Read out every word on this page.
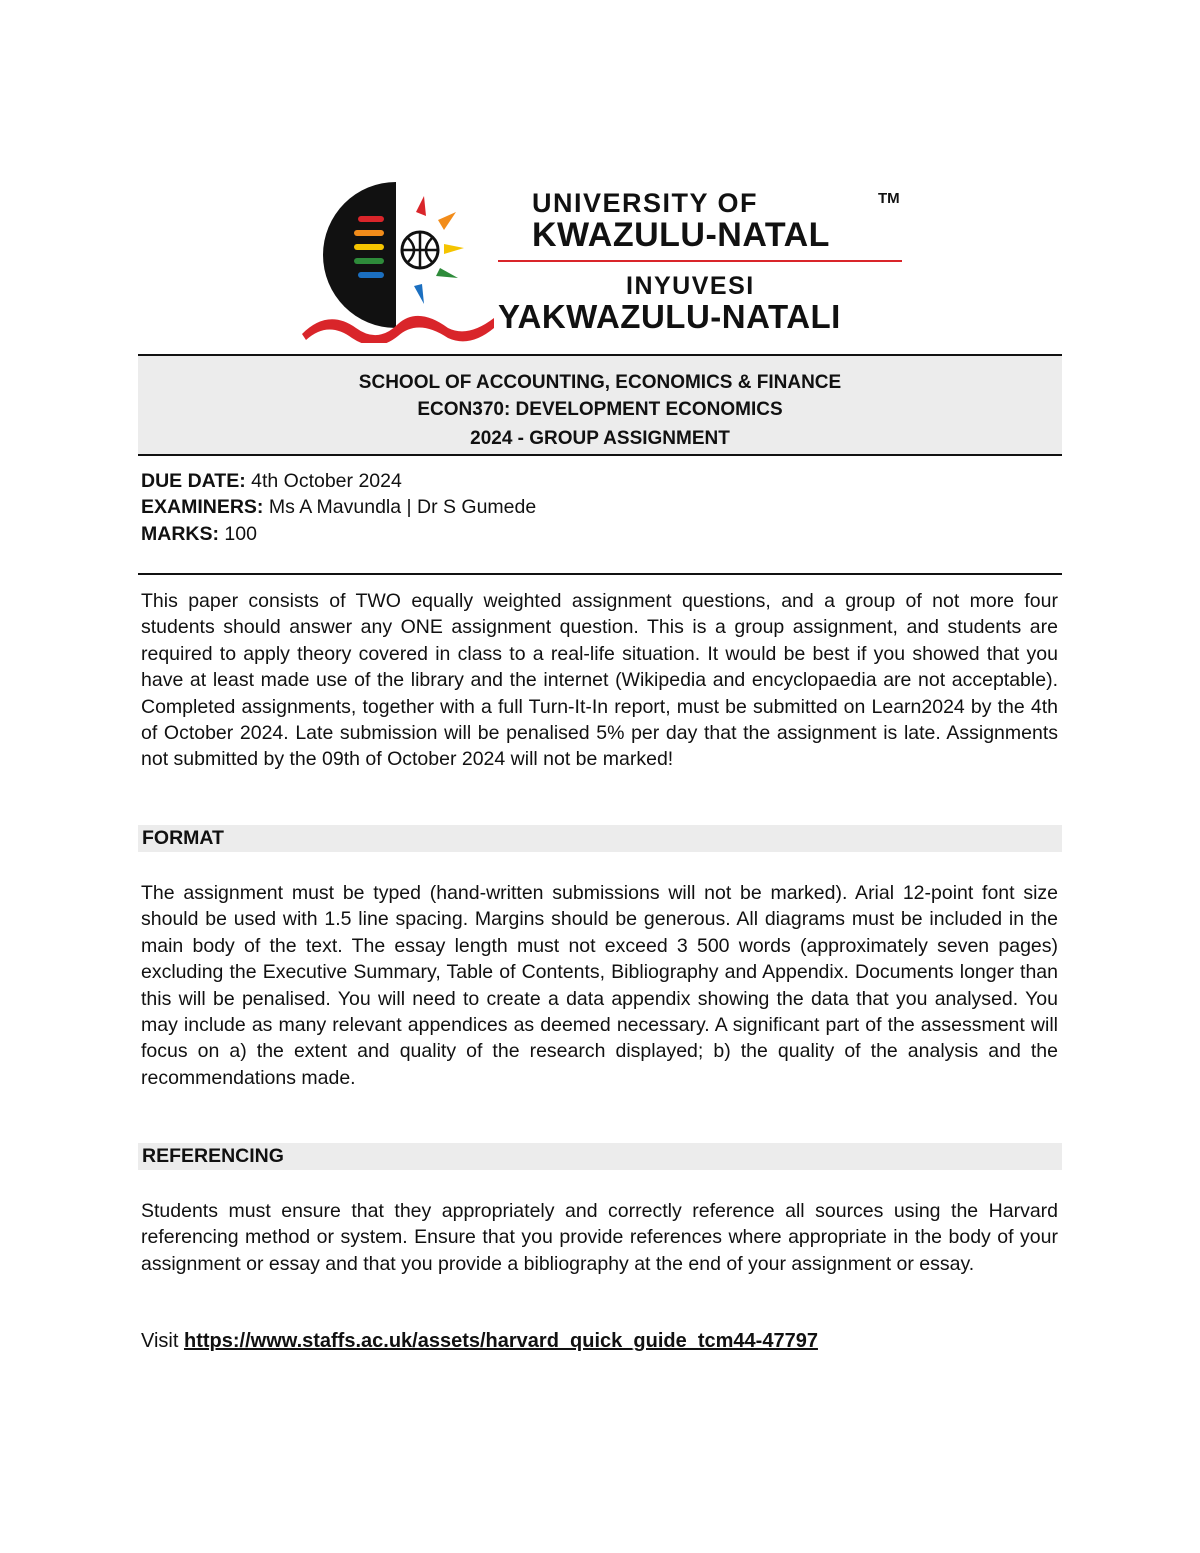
UNIVERSITY OF	TM
KWAZULU-NATAL
INYUVESI
YAKWAZULU-NATALI
SCHOOL OF ACCOUNTING, ECONOMICS & FINANCE
ECON370: DEVELOPMENT ECONOMICS
2024 - GROUP ASSIGNMENT
DUE DATE: 4th October 2024
EXAMINERS: Ms A Mavundla | Dr S Gumede
MARKS: 100
This paper consists of TWO equally weighted assignment questions, and a group of not more four students should answer any ONE assignment question. This is a group assignment, and students are required to apply theory covered in class to a real-life situation. It would be best if you showed that you have at least made use of the library and the internet (Wikipedia and encyclopaedia are not acceptable). Completed assignments, together with a full Turn-It-In report, must be submitted on Learn2024 by the 4th of October 2024. Late submission will be penalised 5% per day that the assignment is late. Assignments not submitted by the 09th of October 2024 will not be marked!
FORMAT
The assignment must be typed (hand-written submissions will not be marked). Arial 12-point font size should be used with 1.5 line spacing. Margins should be generous. All diagrams must be included in the main body of the text. The essay length must not exceed 3 500 words (approximately seven pages) excluding the Executive Summary, Table of Contents, Bibliography and Appendix. Documents longer than this will be penalised. You will need to create a data appendix showing the data that you analysed. You may include as many relevant appendices as deemed necessary. A significant part of the assessment will focus on a) the extent and quality of the research displayed; b) the quality of the analysis and the recommendations made.
REFERENCING
Students must ensure that they appropriately and correctly reference all sources using the Harvard referencing method or system. Ensure that you provide references where appropriate in the body of your assignment or essay and that you provide a bibliography at the end of your assignment or essay.
Visit https://www.staffs.ac.uk/assets/harvard_quick_guide_tcm44-47797
